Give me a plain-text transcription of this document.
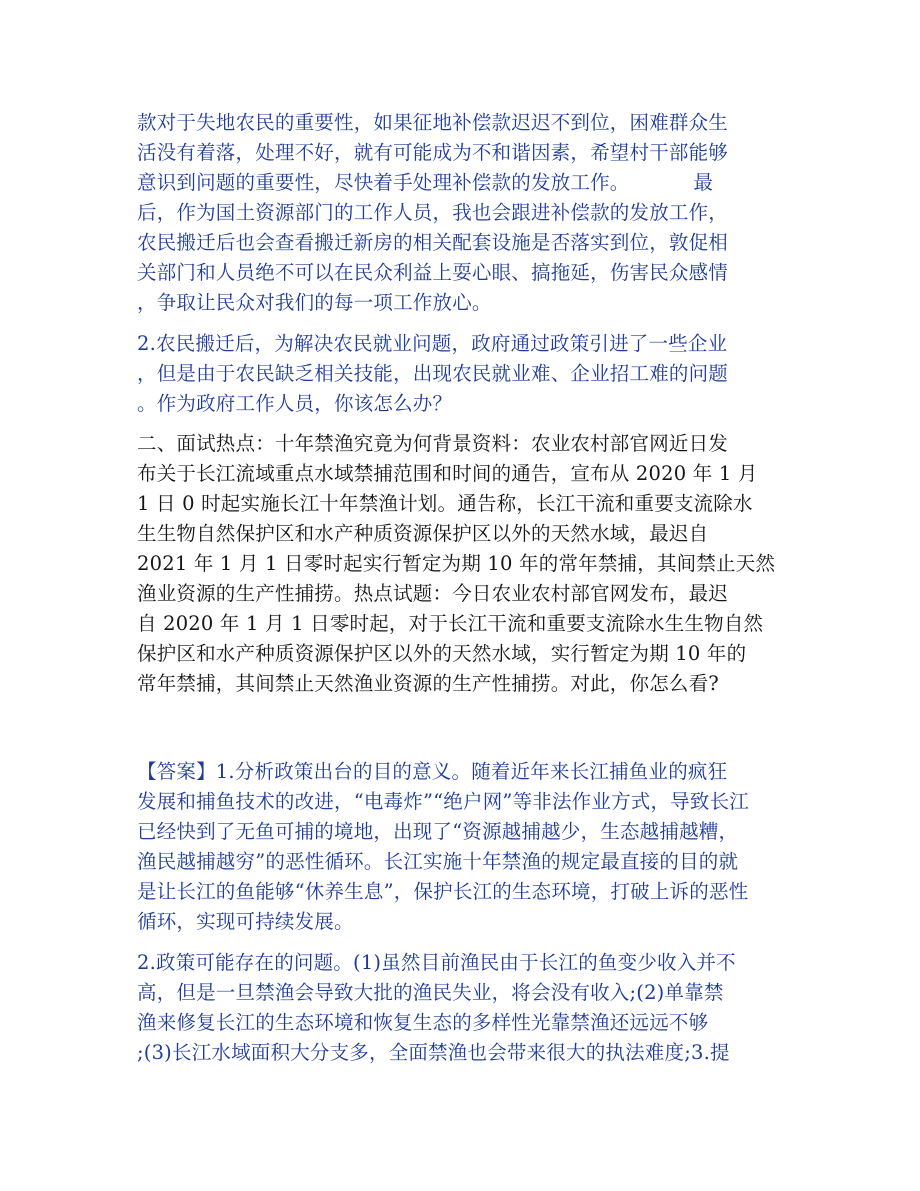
款对于失地农民的重要性，如果征地补偿款迟迟不到位，困难群众生
活没有着落，处理不好，就有可能成为不和谐因素，希望村干部能够
意识到问题的重要性，尽快着手处理补偿款的发放工作。          最
后，作为国土资源部门的工作人员，我也会跟进补偿款的发放工作，
农民搬迁后也会查看搬迁新房的相关配套设施是否落实到位，敦促相
关部门和人员绝不可以在民众利益上耍心眼、搞拖延，伤害民众感情
，争取让民众对我们的每一项工作放心。
2.农民搬迁后，为解决农民就业问题，政府通过政策引进了一些企业
，但是由于农民缺乏相关技能，出现农民就业难、企业招工难的问题
。作为政府工作人员，你该怎么办？
二、面试热点：十年禁渔究竟为何背景资料：农业农村部官网近日发
布关于长江流域重点水域禁捕范围和时间的通告，宣布从 2020 年 1 月
1 日 0 时起实施长江十年禁渔计划。通告称，长江干流和重要支流除水
生生物自然保护区和水产种质资源保护区以外的天然水域，最迟自
2021 年 1 月 1 日零时起实行暂定为期 10 年的常年禁捕，其间禁止天然
渔业资源的生产性捕捞。热点试题：今日农业农村部官网发布，最迟
自 2020 年 1 月 1 日零时起，对于长江干流和重要支流除水生生物自然
保护区和水产种质资源保护区以外的天然水域，实行暂定为期 10 年的
常年禁捕，其间禁止天然渔业资源的生产性捕捞。对此，你怎么看?
【答案】1.分析政策出台的目的意义。随着近年来长江捕鱼业的疯狂
发展和捕鱼技术的改进，“电毒炸”“绝户网”等非法作业方式，导致长江
已经快到了无鱼可捕的境地，出现了“资源越捕越少，生态越捕越糟，
渔民越捕越穷”的恶性循环。长江实施十年禁渔的规定最直接的目的就
是让长江的鱼能够“休养生息”，保护长江的生态环境，打破上诉的恶性
循环，实现可持续发展。
2.政策可能存在的问题。(1)虽然目前渔民由于长江的鱼变少收入并不
高，但是一旦禁渔会导致大批的渔民失业，将会没有收入;(2)单靠禁
渔来修复长江的生态环境和恢复生态的多样性光靠禁渔还远远不够
;(3)长江水域面积大分支多，全面禁渔也会带来很大的执法难度;3.提
